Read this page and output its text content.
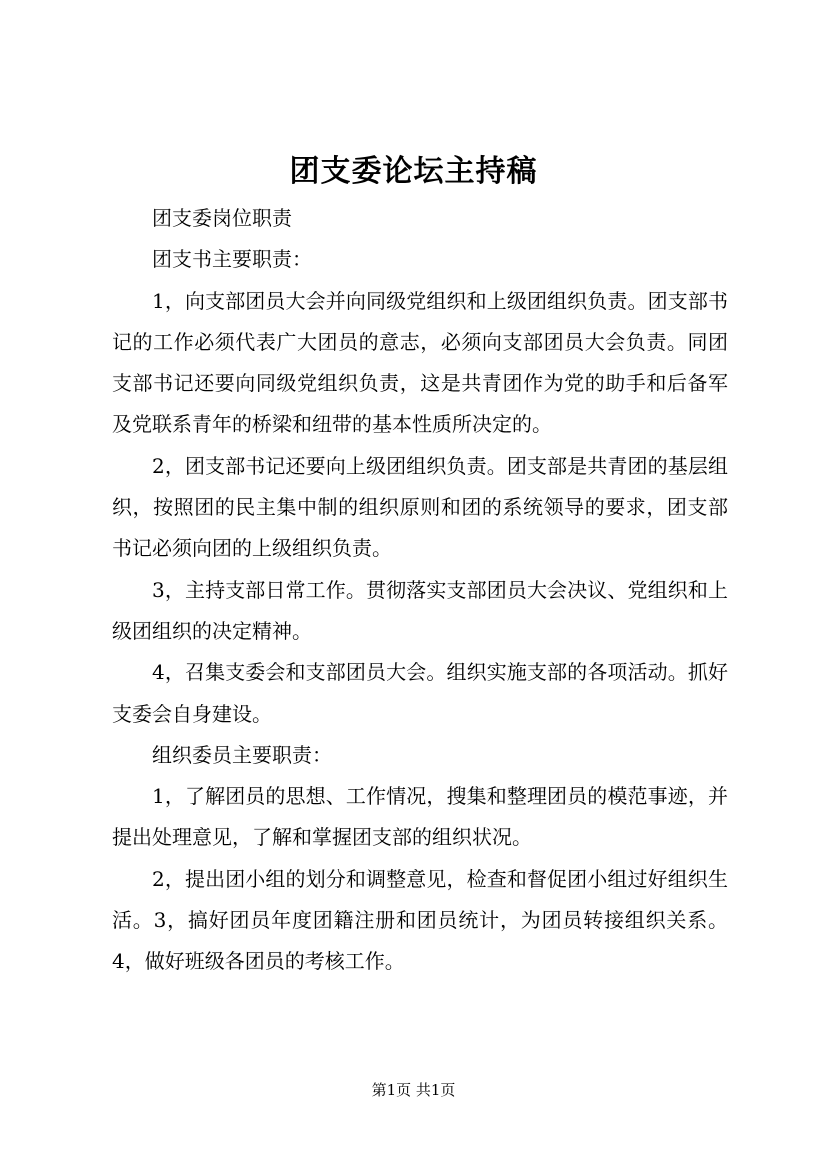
团支委论坛主持稿

团支委岗位职责

团支书主要职责：

1，向支部团员大会并向同级党组织和上级团组织负责。团支部书记的工作必须代表广大团员的意志，必须向支部团员大会负责。同团支部书记还要向同级党组织负责，这是共青团作为党的助手和后备军及党联系青年的桥梁和纽带的基本性质所决定的。

2，团支部书记还要向上级团组织负责。团支部是共青团的基层组织，按照团的民主集中制的组织原则和团的系统领导的要求，团支部书记必须向团的上级组织负责。

3，主持支部日常工作。贯彻落实支部团员大会决议、党组织和上级团组织的决定精神。

4，召集支委会和支部团员大会。组织实施支部的各项活动。抓好支委会自身建设。

组织委员主要职责：

1，了解团员的思想、工作情况，搜集和整理团员的模范事迹，并提出处理意见，了解和掌握团支部的组织状况。

2，提出团小组的划分和调整意见，检查和督促团小组过好组织生活。3，搞好团员年度团籍注册和团员统计，为团员转接组织关系。4，做好班级各团员的考核工作。

第1页 共1页
